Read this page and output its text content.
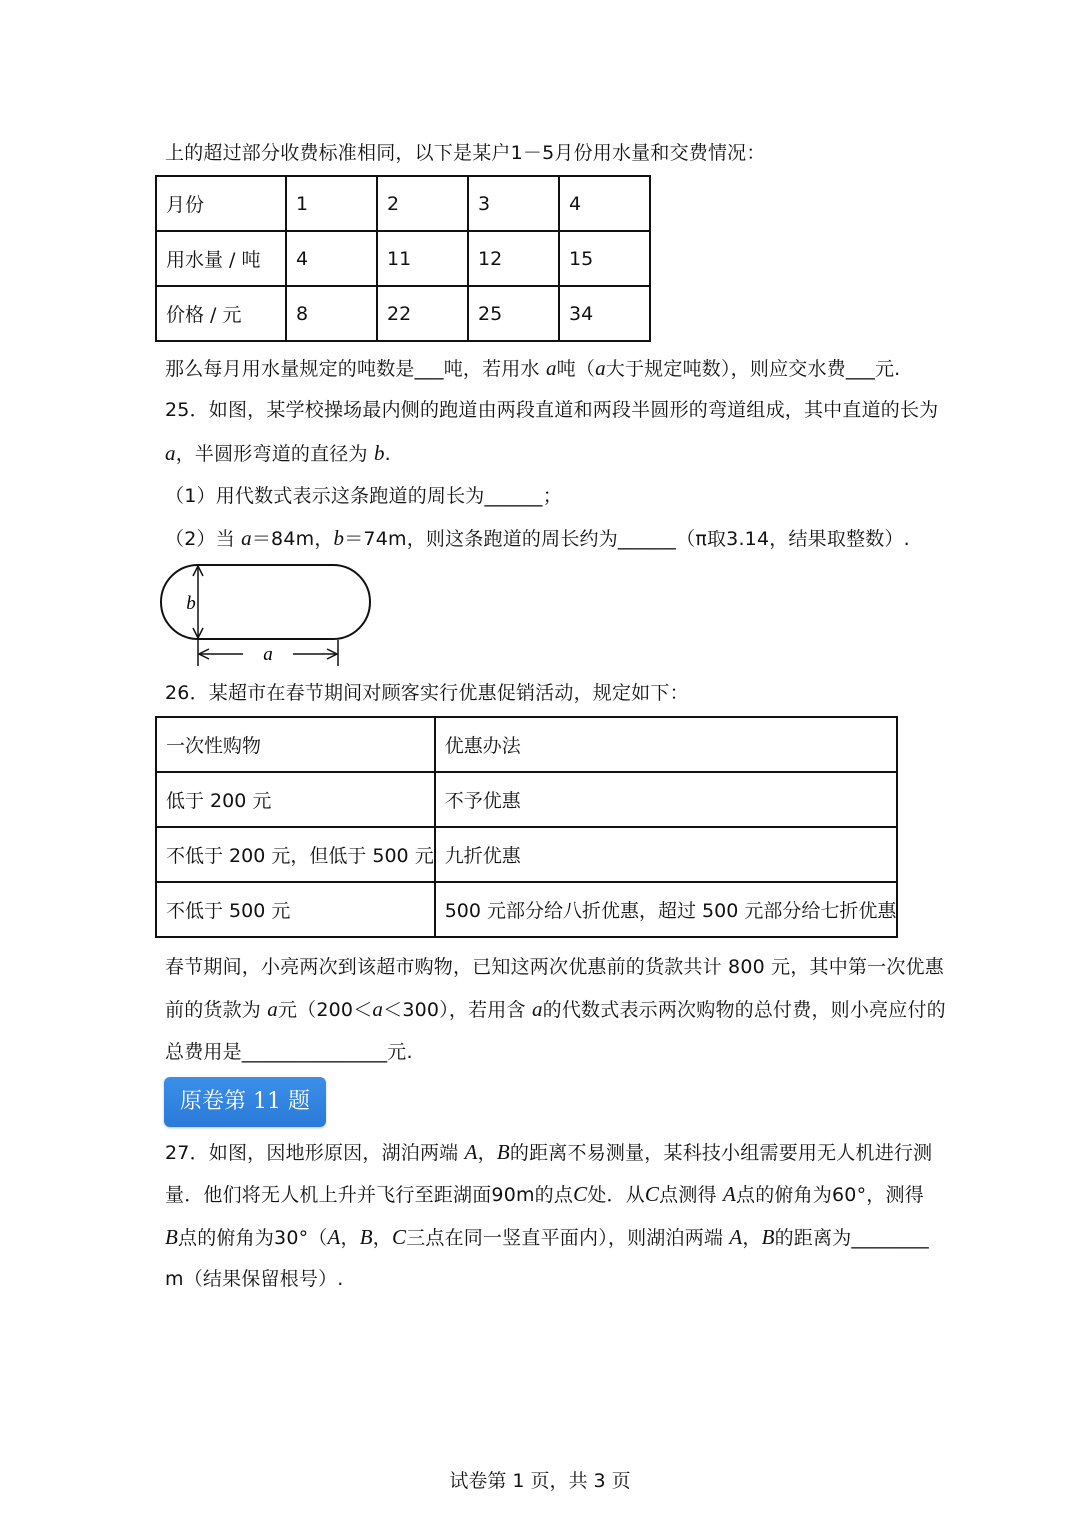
上的超过部分收费标准相同，以下是某户1－5月份用水量和交费情况：
月份	1	2	3	4
用水量 / 吨	4	11	12	15
价格 / 元	8	22	25	34
那么每月用水量规定的吨数是___吨，若用水 a吨（a大于规定吨数），则应交水费___元.
25．如图，某学校操场最内侧的跑道由两段直道和两段半圆形的弯道组成，其中直道的长为
a，半圆形弯道的直径为 b.
（1）用代数式表示这条跑道的周长为______；
（2）当 a＝84m，b＝74m，则这条跑道的周长约为______（π取3.14，结果取整数）.
b
a
26．某超市在春节期间对顾客实行优惠促销活动，规定如下：
一次性购物	优惠办法
低于 200 元	不予优惠
不低于 200 元，但低于 500 元	九折优惠
不低于 500 元	500 元部分给八折优惠，超过 500 元部分给七折优惠
春节期间，小亮两次到该超市购物，已知这两次优惠前的货款共计 800 元，其中第一次优惠
前的货款为 a元（200＜a＜300），若用含 a的代数式表示两次购物的总付费，则小亮应付的
总费用是_______________元.
原卷第 11 题
27．如图，因地形原因，湖泊两端 A，B的距离不易测量，某科技小组需要用无人机进行测
量．他们将无人机上升并飞行至距湖面90m的点C处．从C点测得 A点的俯角为60°，测得
B点的俯角为30°（A，B，C三点在同一竖直平面内），则湖泊两端 A，B的距离为________
m（结果保留根号）.
试卷第 1 页，共 3 页
